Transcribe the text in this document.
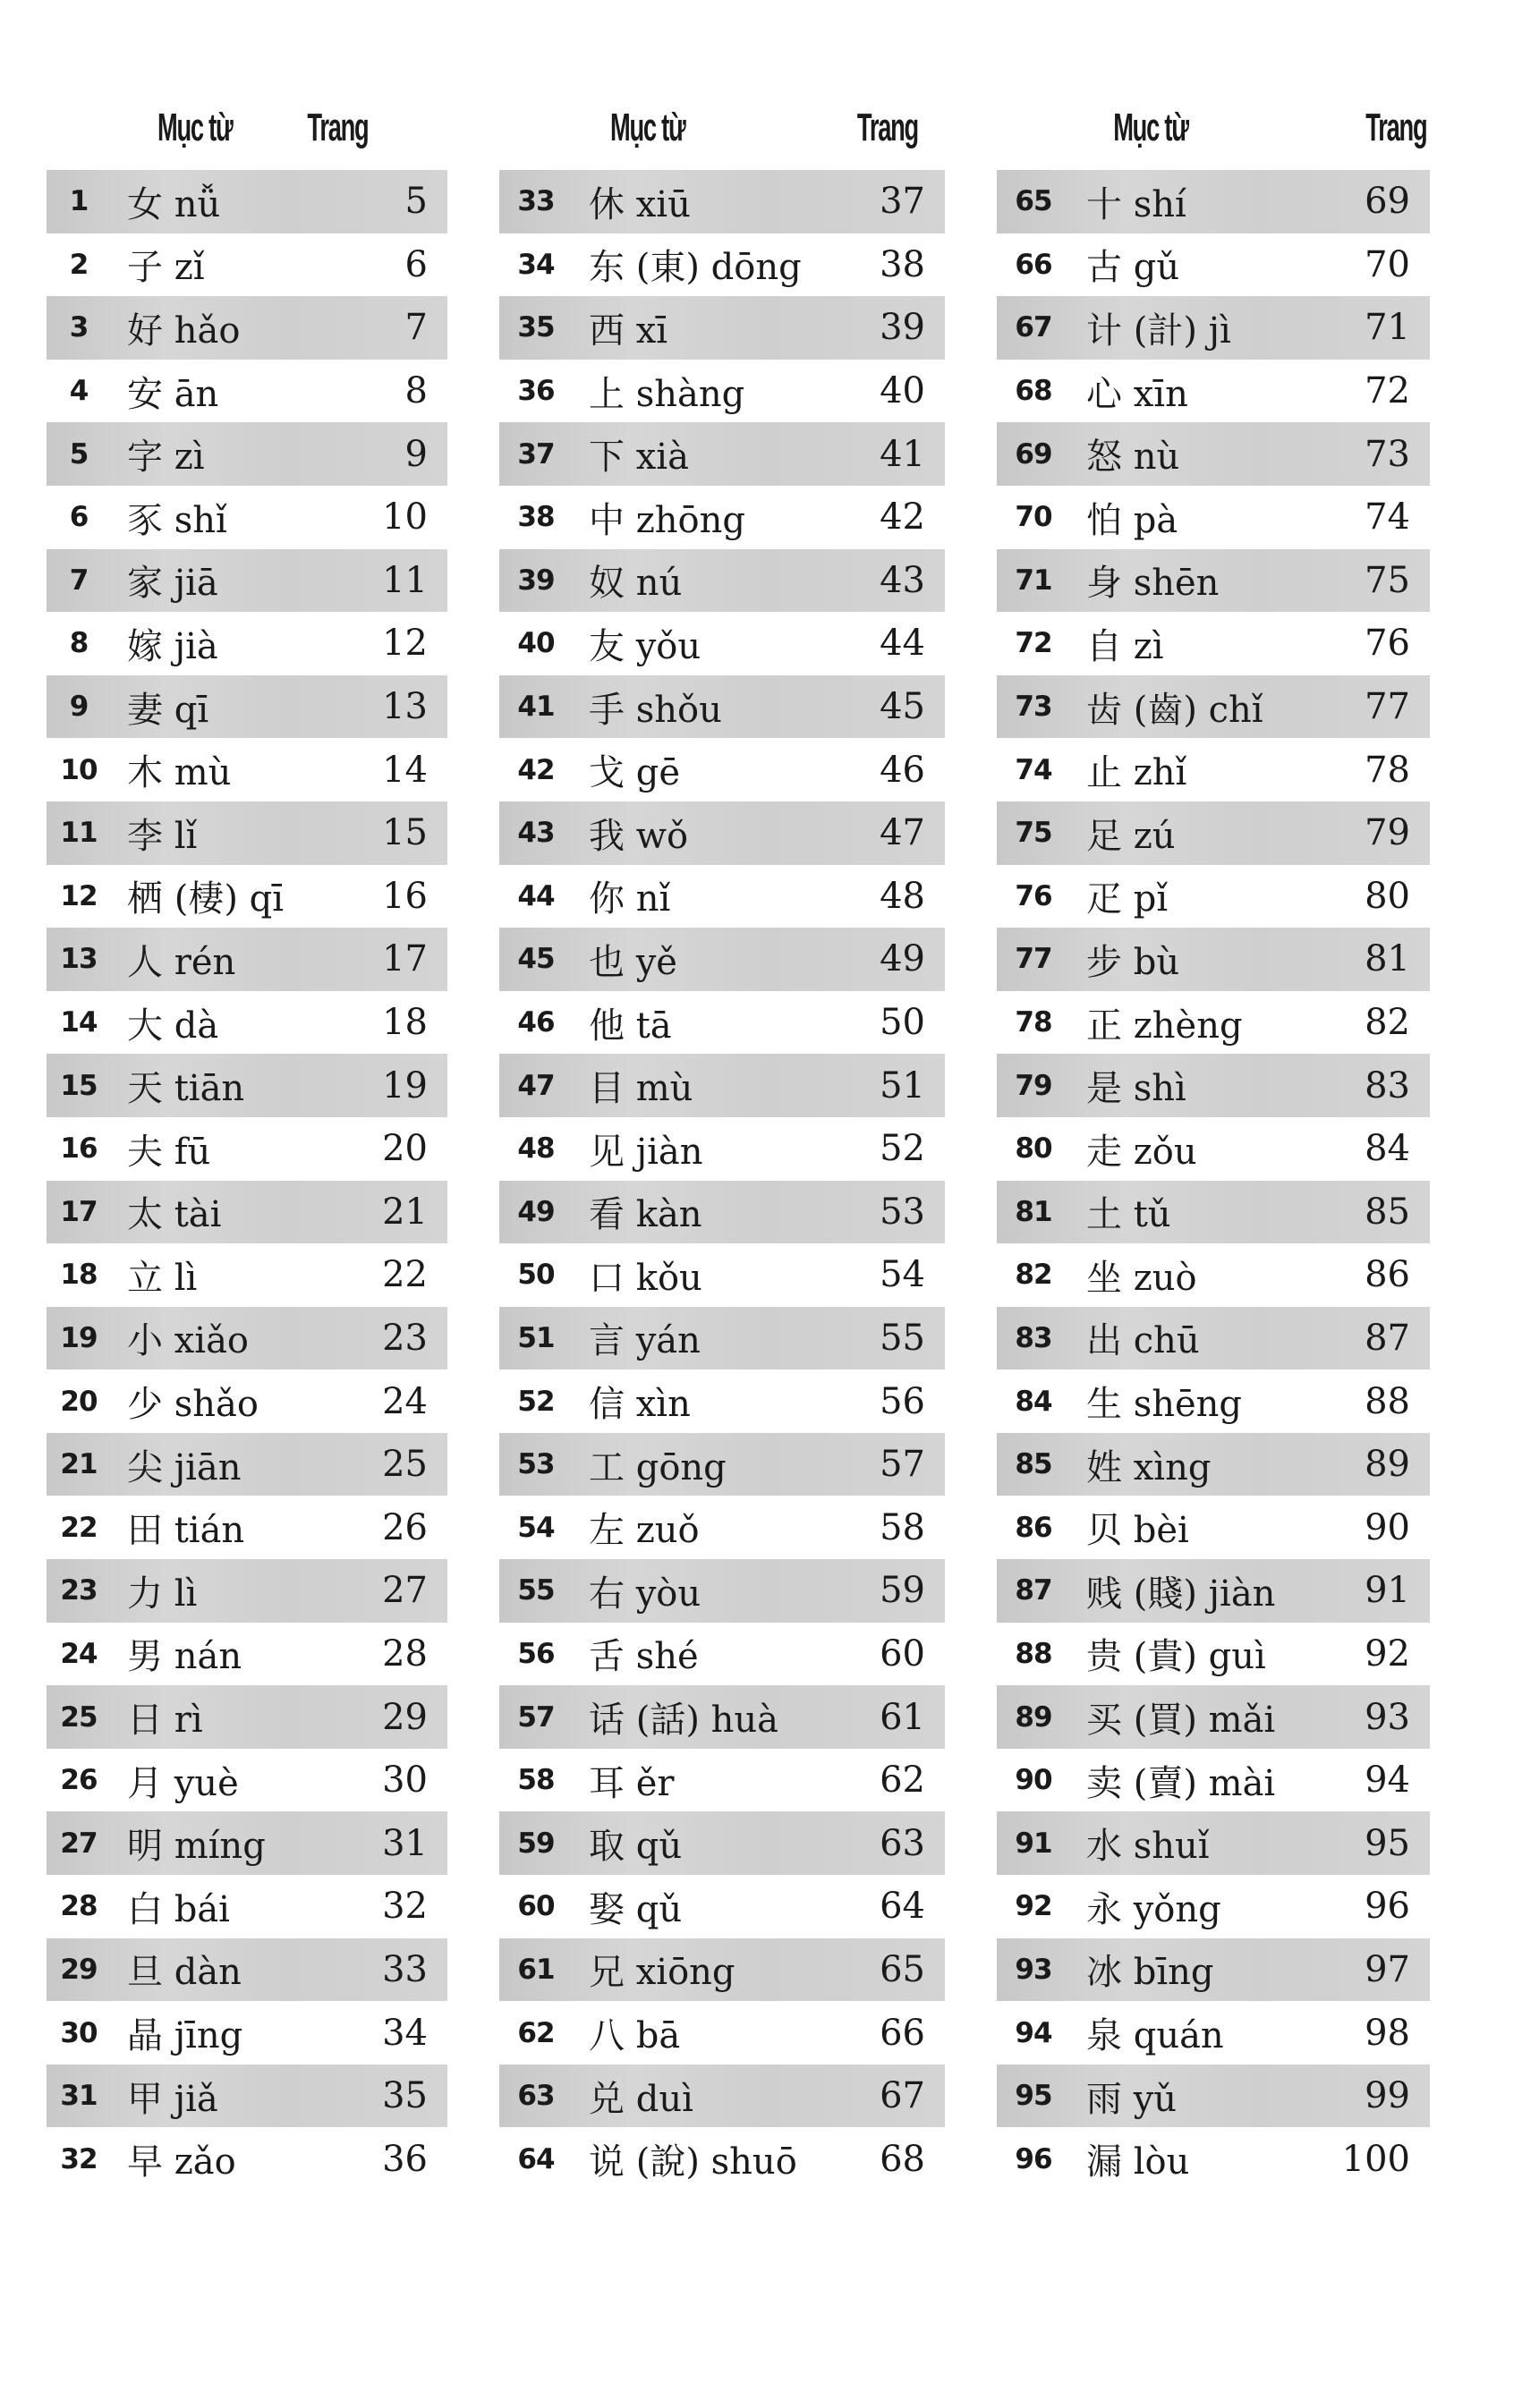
Mục từ Trang
1	女 nǚ	5
2	子 zǐ	6
3	好 hǎo	7
4	安 ān	8
5	字 zì	9
6	豕 shǐ	10
7	家 jiā	11
8	嫁 jià	12
9	妻 qī	13
10 木 mù	14
11 李 lǐ	15
12 栖 (棲) qī	16
13 人 rén	17
14 大 dà	18
15 天 tiān	19
16 夫 fū	20
17 太 tài	21
18 立 lì	22
19 小 xiǎo	23
20 少 shǎo	24
21 尖 jiān	25
22 田 tián	26
23 力 lì	27
24 男 nán	28
25 日 rì	29
26 月 yuè	30
27 明 míng	31
28 白 bái	32
29 旦 dàn	33
30 晶 jīng	34
31 甲 jiǎ	35
32 早 zǎo	36
Mục từ	Trang
33 休 xiū	37
34 东 (東) dōng	38
35 西 xī	39
36 上 shàng	40
37 下 xià	41
38 中 zhōng	42
39 奴 nú	43
40 友 yǒu	44
41 手 shǒu	45
42 戈 gē	46
43 我 wǒ	47
44 你 nǐ	48
45 也 yě	49
46 他 tā	50
47 目 mù	51
48 见 jiàn	52
49 看 kàn	53
50 口 kǒu	54
51 言 yán	55
52 信 xìn	56
53 工 gōng	57
54 左 zuǒ	58
55 右 yòu	59
56 舌 shé	60
57 话 (話) huà	61
58 耳 ěr	62
59 取 qǔ	63
60 娶 qǔ	64
61 兄 xiōng	65
62 八 bā	66
63 兑 duì	67
64 说 (說) shuō	68
Mục từ	Trang
65 十 shí	69
66 古 gǔ	70
67 计 (計) jì	71
68 心 xīn	72
69 怒 nù	73
70 怕 pà	74
71 身 shēn	75
72 自 zì	76
73 齿 (齒) chǐ	77
74 止 zhǐ	78
75 足 zú	79
76 疋 pǐ	80
77 步 bù	81
78 正 zhèng	82
79 是 shì	83
80 走 zǒu	84
81 土 tǔ	85
82 坐 zuò	86
83 出 chū	87
84 生 shēng	88
85 姓 xìng	89
86 贝 bèi	90
87 贱 (賤) jiàn	91
88 贵 (貴) guì	92
89 买 (買) mǎi	93
90 卖 (賣) mài	94
91 水 shuǐ	95
92 永 yǒng	96
93 冰 bīng	97
94 泉 quán	98
95 雨 yǔ	99
96 漏 lòu	100
